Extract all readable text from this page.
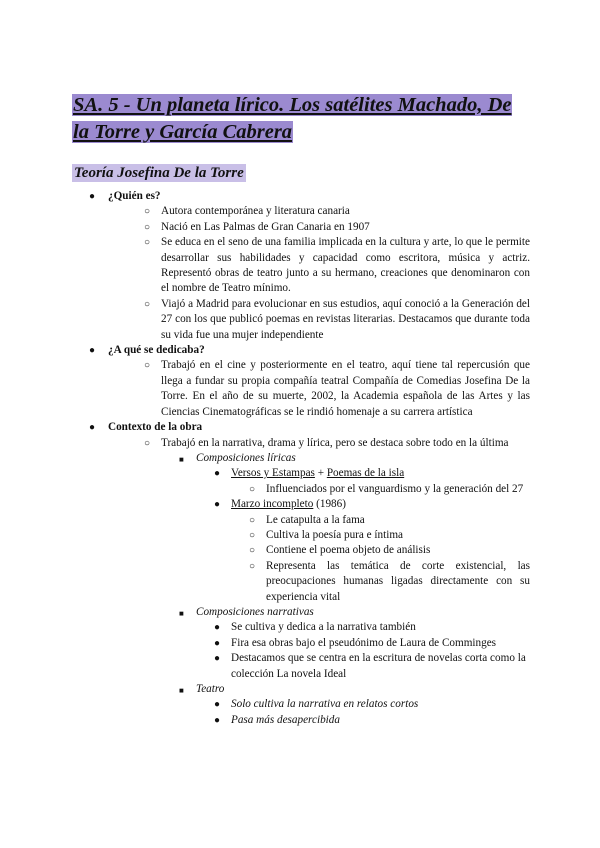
SA. 5 - Un planeta lírico. Los satélites Machado, De la Torre y García Cabrera
Teoría Josefina De la Torre
● ¿Quién es?
○ Autora contemporánea y literatura canaria
○ Nació en Las Palmas de Gran Canaria en 1907
○ Se educa en el seno de una familia implicada en la cultura y arte, lo que le permite desarrollar sus habilidades y capacidad como escritora, música y actriz. Representó obras de teatro junto a su hermano, creaciones que denominaron con el nombre de Teatro mínimo.
○ Viajó a Madrid para evolucionar en sus estudios, aquí conoció a la Generación del 27 con los que publicó poemas en revistas literarias. Destacamos que durante toda su vida fue una mujer independiente
● ¿A qué se dedicaba?
○ Trabajó en el cine y posteriormente en el teatro, aquí tiene tal repercusión que llega a fundar su propia compañía teatral Compañía de Comedias Josefina De la Torre. En el año de su muerte, 2002, la Academia española de las Artes y las Ciencias Cinematográficas se le rindió homenaje a su carrera artística
● Contexto de la obra
○ Trabajó en la narrativa, drama y lírica, pero se destaca sobre todo en la última
■ Composiciones líricas
● Versos y Estampas + Poemas de la isla
○ Influenciados por el vanguardismo y la generación del 27
● Marzo incompleto (1986)
○ Le catapulta a la fama
○ Cultiva la poesía pura e íntima
○ Contiene el poema objeto de análisis
○ Representa las temática de corte existencial, las preocupaciones humanas ligadas directamente con su experiencia vital
■ Composiciones narrativas
● Se cultiva y dedica a la narrativa también
● Fira esa obras bajo el pseudónimo de Laura de Comminges
● Destacamos que se centra en la escritura de novelas corta como la colección La novela Ideal
■ Teatro
● Solo cultiva la narrativa en relatos cortos
● Pasa más desapercibida
